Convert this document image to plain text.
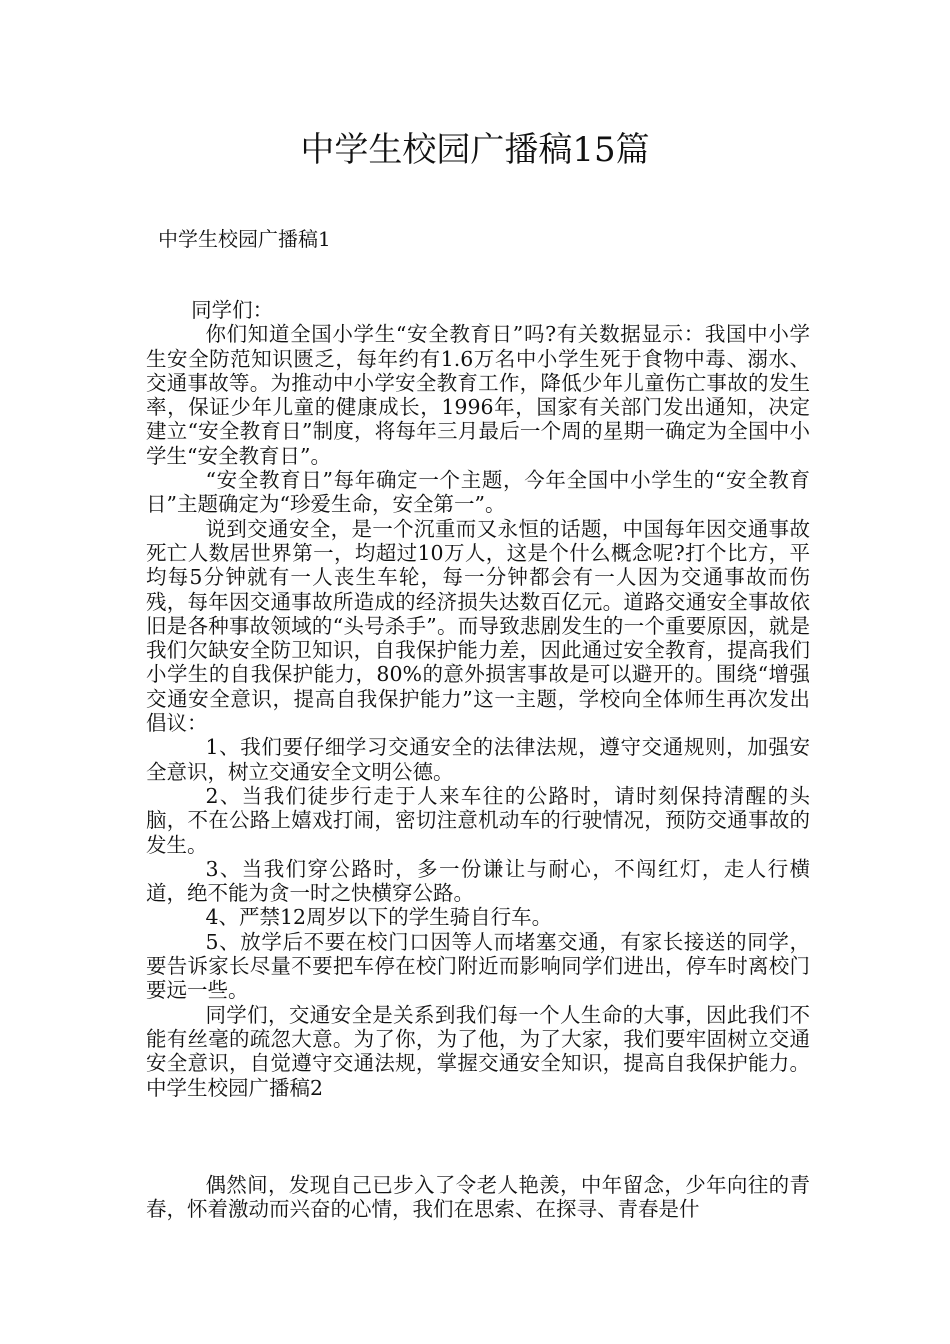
中学生校园广播稿15篇
中学生校园广播稿1

同学们：

你们知道全国小学生“安全教育日”吗?有关数据显示：我国中小学生安全防范知识匮乏，每年约有1.6万名中小学生死于食物中毒、溺水、交通事故等。为推动中小学安全教育工作，降低少年儿童伤亡事故的发生率，保证少年儿童的健康成长，1996年，国家有关部门发出通知，决定建立“安全教育日”制度，将每年三月最后一个周的星期一确定为全国中小学生“安全教育日”。

“安全教育日”每年确定一个主题，今年全国中小学生的“安全教育日”主题确定为“珍爱生命，安全第一”。

说到交通安全，是一个沉重而又永恒的话题，中国每年因交通事故死亡人数居世界第一，均超过10万人，这是个什么概念呢?打个比方，平均每5分钟就有一人丧生车轮，每一分钟都会有一人因为交通事故而伤残，每年因交通事故所造成的经济损失达数百亿元。道路交通安全事故依旧是各种事故领域的“头号杀手”。而导致悲剧发生的一个重要原因，就是我们欠缺安全防卫知识，自我保护能力差，因此通过安全教育，提高我们小学生的自我保护能力，80%的意外损害事故是可以避开的。围绕“增强交通安全意识，提高自我保护能力”这一主题，学校向全体师生再次发出倡议：

1、我们要仔细学习交通安全的法律法规，遵守交通规则，加强安全意识，树立交通安全文明公德。

2、当我们徒步行走于人来车往的公路时，请时刻保持清醒的头脑，不在公路上嬉戏打闹，密切注意机动车的行驶情况，预防交通事故的发生。

3、当我们穿公路时，多一份谦让与耐心，不闯红灯，走人行横道，绝不能为贪一时之快横穿公路。

4、严禁12周岁以下的学生骑自行车。

5、放学后不要在校门口因等人而堵塞交通，有家长接送的同学，要告诉家长尽量不要把车停在校门附近而影响同学们进出，停车时离校门要远一些。

同学们，交通安全是关系到我们每一个人生命的大事，因此我们不能有丝毫的疏忽大意。为了你，为了他，为了大家，我们要牢固树立交通安全意识，自觉遵守交通法规，掌握交通安全知识，提高自我保护能力。中学生校园广播稿2

偶然间，发现自己已步入了令老人艳羡，中年留念，少年向往的青春，怀着激动而兴奋的心情，我们在思索、在探寻、青春是什
